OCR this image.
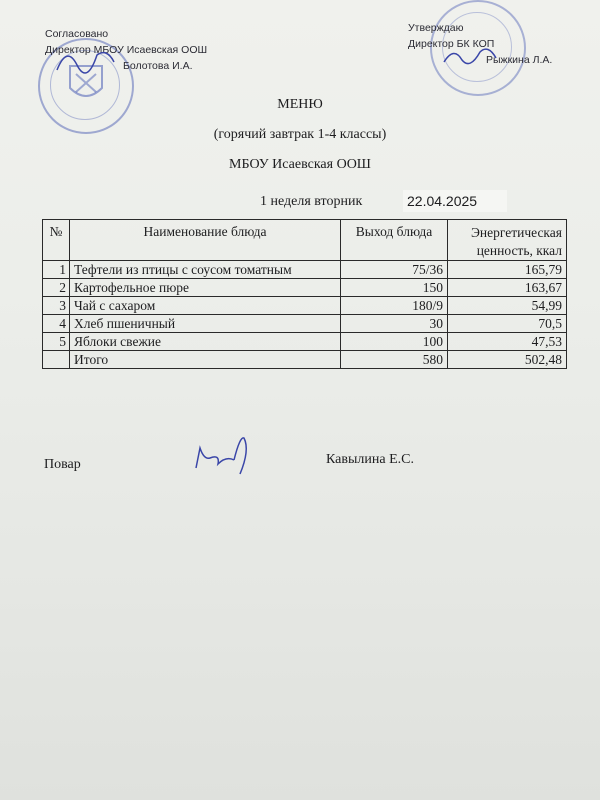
Согласовано
Директор МБОУ Исаевская ООШ
Болотова И.А.
Утверждаю
Директор БК КОП
Рыжкина Л.А.
МЕНЮ
(горячий завтрак 1-4 классы)
МБОУ Исаевская ООШ
1 неделя вторник	22.04.2025
№	Наименование блюда	Выход блюда	Энергетическая ценность, ккал
1	Тефтели из птицы с соусом томатным	75/36	165,79
2	Картофельное пюре	150	163,67
3	Чай с сахаром	180/9	54,99
4	Хлеб пшеничный	30	70,5
5	Яблоки свежие	100	47,53
	Итого	580	502,48
Повар	Кавылина Е.С.
